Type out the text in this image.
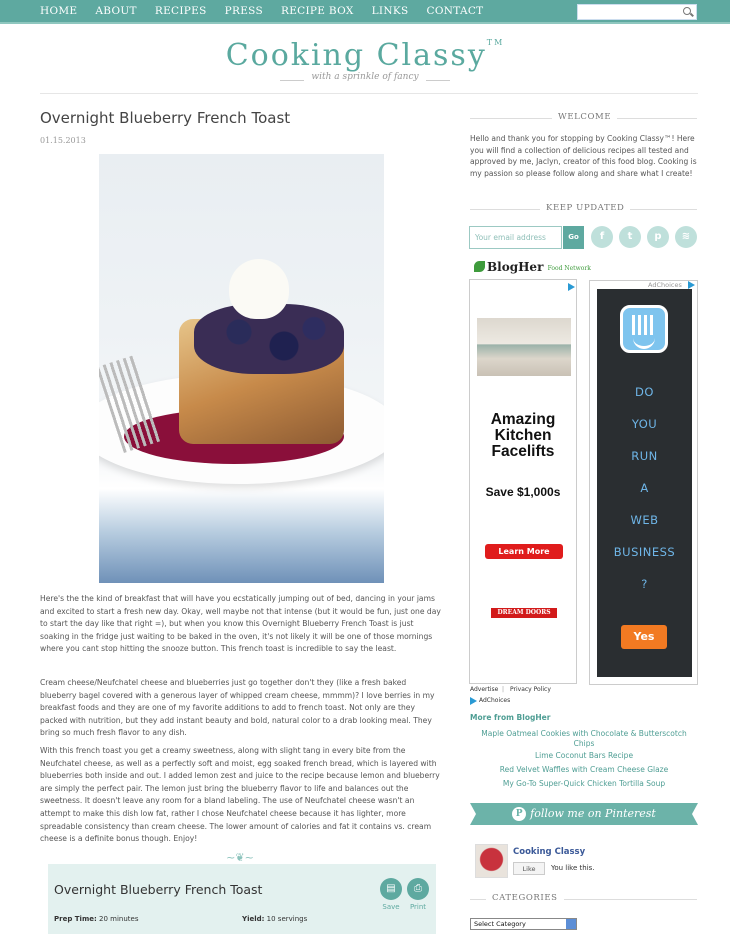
HOME ABOUT RECIPES PRESS RECIPE BOX LINKS CONTACT
Cooking Classy™
with a sprinkle of fancy
Overnight Blueberry French Toast
01.15.2013
Here's the the kind of breakfast that will have you ecstatically jumping out of bed, dancing in your jams and excited to start a fresh new day. Okay, well maybe not that intense (but it would be fun, just one day to start the day like that right =), but when you know this Overnight Blueberry French Toast is just soaking in the fridge just waiting to be baked in the oven, it's not likely it will be one of those mornings where you cant stop hitting the snooze button. This french toast is incredible to say the least.
Cream cheese/Neufchatel cheese and blueberries just go together don't they (like a fresh baked blueberry bagel covered with a generous layer of whipped cream cheese, mmmm)? I love berries in my breakfast foods and they are one of my favorite additions to add to french toast. Not only are they packed with nutrition, but they add instant beauty and bold, natural color to a drab looking meal. They bring so much fresh flavor to any dish.
With this french toast you get a creamy sweetness, along with slight tang in every bite from the Neufchatel cheese, as well as a perfectly soft and moist, egg soaked french bread, which is layered with blueberries both inside and out. I added lemon zest and juice to the recipe because lemon and blueberry are simply the perfect pair. The lemon just bring the blueberry flavor to life and balances out the sweetness. It doesn't leave any room for a bland labeling. The use of Neufchatel cheese wasn't an attempt to make this dish low fat, rather I chose Neufchatel cheese because it has lighter, more spreadable consistency than cream cheese. The lower amount of calories and fat it contains vs. cream cheese is a definite bonus though. Enjoy!
~❦~
Overnight Blueberry French Toast	▤	⎙
Save	Print
Prep Time: 20 minutes	Yield: 10 servings
WELCOME
Hello and thank you for stopping by Cooking Classy™! Here you will find a collection of delicious recipes all tested and approved by me, Jaclyn, creator of this food blog. Cooking is my passion so please follow along and share what I create!
KEEP UPDATED
Your email address	Go	f	t	p	≋
BlogHer Food Network
Amazing Kitchen Facelifts
Save $1,000s
Learn More
DREAM DOORS
AdChoices
DO
YOU
RUN
A
WEB
BUSINESS
?
Yes
Advertise | Privacy Policy
AdChoices
More from BlogHer
Maple Oatmeal Cookies with Chocolate & Butterscotch Chips
Lime Coconut Bars Recipe
Red Velvet Waffles with Cream Cheese Glaze
My Go-To Super-Quick Chicken Tortilla Soup
P follow me on Pinterest
Cooking Classy
Like	You like this.
CATEGORIES
Select Category
